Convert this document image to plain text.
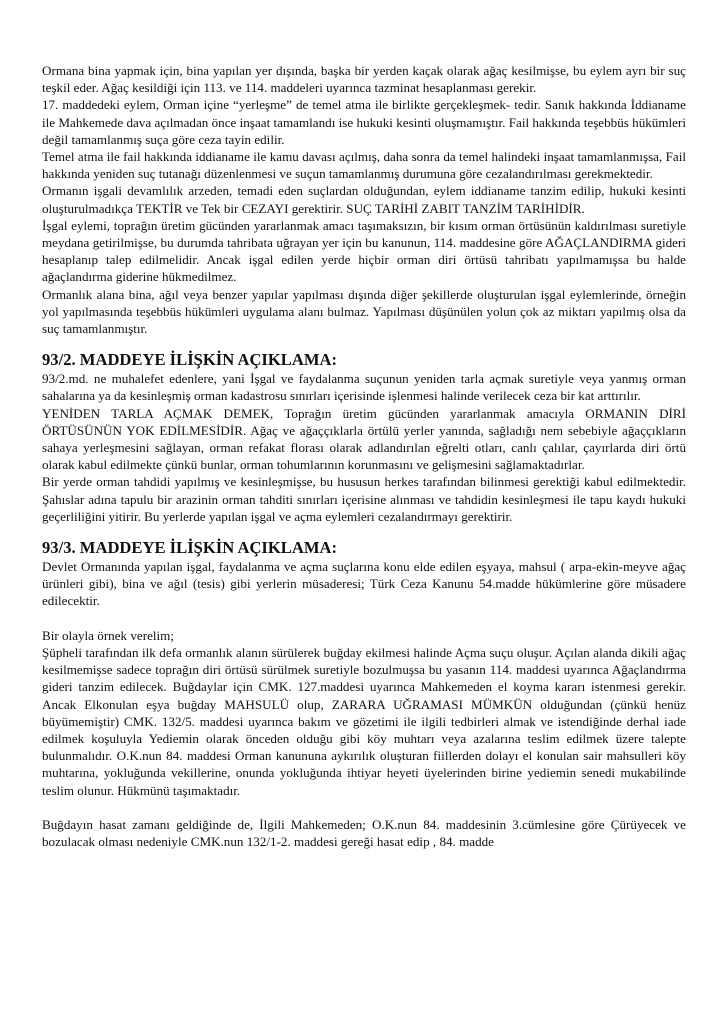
Ormana bina yapmak için, bina yapılan yer dışında, başka bir yerden kaçak olarak ağaç kesilmişse, bu eylem ayrı bir suç teşkil eder. Ağaç kesildiği için 113. ve 114. maddeleri uyarınca tazminat hesaplanması gerekir.

17. maddedeki eylem, Orman içine “yerleşme” de temel atma ile birlikte gerçekleşmek- tedir. Sanık hakkında İddianame ile Mahkemede dava açılmadan önce inşaat tamamlandı ise hukuki kesinti oluşmamıştır. Fail hakkında teşebbüs hükümleri değil tamamlanmış suça göre ceza tayin edilir.

Temel atma ile fail hakkında iddianame ile kamu davası açılmış, daha sonra da temel halindeki inşaat tamamlanmışsa, Fail hakkında yeniden suç tutanağı düzenlenmesi ve suçun tamamlanmış durumuna göre cezalandırılması gerekmektedir.

Ormanın işgali devamlılık arzeden, temadi eden suçlardan olduğundan, eylem iddianame tanzim edilip, hukuki kesinti oluşturulmadıkça TEKTİR ve Tek bir CEZAYI gerektirir. SUÇ TARİHİ ZABIT TANZİM TARİHİDİR.

İşgal eylemi, toprağın üretim gücünden yararlanmak amacı taşımaksızın, bir kısım orman örtüsünün kaldırılması suretiyle meydana getirilmişse, bu durumda tahribata uğrayan yer için bu kanunun, 114. maddesine göre AĞAÇLANDIRMA gideri hesaplanıp talep edilmelidir. Ancak işgal edilen yerde hiçbir orman diri örtüsü tahribatı yapılmamışsa bu halde ağaçlandırma giderine hükmedilmez.

Ormanlık alana bina, ağıl veya benzer yapılar yapılması dışında diğer şekillerde oluşturulan işgal eylemlerinde, örneğin yol yapılmasında teşebbüs hükümleri uygulama alanı bulmaz. Yapılması düşünülen yolun çok az miktarı yapılmış olsa da suç tamamlanmıştır.

93/2. MADDEYE İLİŞKİN AÇIKLAMA:

93/2.md. ne muhalefet edenlere, yani İşgal ve faydalanma suçunun yeniden tarla açmak suretiyle veya yanmış orman sahalarına ya da kesinleşmiş orman kadastrosu sınırları içerisinde işlenmesi halinde verilecek ceza bir kat arttırılır.

YENİDEN TARLA AÇMAK DEMEK, Toprağın üretim gücünden yararlanmak amacıyla ORMANIN DİRİ ÖRTÜSÜNÜN YOK EDİLMESİDİR. Ağaç ve ağaççıklarla örtülü yerler yanında, sağladığı nem sebebiyle ağaççıkların sahaya yerleşmesini sağlayan, orman refakat florası olarak adlandırılan eğrelti otları, canlı çalılar, çayırlarda diri örtü olarak kabul edilmekte çünkü bunlar, orman tohumlarının korunmasını ve gelişmesini sağlamaktadırlar.

Bir yerde orman tahdidi yapılmış ve kesinleşmişse, bu hususun herkes tarafından bilinmesi gerektiği kabul edilmektedir. Şahıslar adına tapulu bir arazinin orman tahditi sınırları içerisine alınması ve tahdidin kesinleşmesi ile tapu kaydı hukuki geçerliliğini yitirir. Bu yerlerde yapılan işgal ve açma eylemleri cezalandırmayı gerektirir.

93/3. MADDEYE İLİŞKİN AÇIKLAMA:

Devlet Ormanında yapılan işgal, faydalanma ve açma suçlarına konu elde edilen eşyaya, mahsul ( arpa-ekin-meyve ağaç ürünleri gibi), bina ve ağıl (tesis) gibi yerlerin müsaderesi; Türk Ceza Kanunu 54.madde hükümlerine göre müsadere edilecektir.

Bir olayla örnek verelim;

Şüpheli tarafından ilk defa ormanlık alanın sürülerek buğday ekilmesi halinde Açma suçu oluşur. Açılan alanda dikili ağaç kesilmemişse sadece toprağın diri örtüsü sürülmek suretiyle bozulmuşsa bu yasanın 114. maddesi uyarınca Ağaçlandırma gideri tanzim edilecek. Buğdaylar için CMK. 127.maddesi uyarınca Mahkemeden el koyma kararı istenmesi gerekir. Ancak Elkonulan eşya buğday MAHSULÜ olup, ZARARA UĞRAMASI MÜMKÜN olduğundan (çünkü henüz büyümemiştir) CMK. 132/5. maddesi uyarınca bakım ve gözetimi ile ilgili tedbirleri almak ve istendiğinde derhal iade edilmek koşuluyla Yediemin olarak önceden olduğu gibi köy muhtarı veya azalarına teslim edilmek üzere talepte bulunmalıdır. O.K.nun 84. maddesi Orman kanununa aykırılık oluşturan fiillerden dolayı el konulan sair mahsulleri köy muhtarına, yokluğunda vekillerine, onunda yokluğunda ihtiyar heyeti üyelerinden birine yediemin senedi mukabilinde teslim olunur. Hükmünü taşımaktadır.

Buğdayın hasat zamanı geldiğinde de, İlgili Mahkemeden; O.K.nun 84. maddesinin 3.cümlesine göre Çürüyecek ve bozulacak olması nedeniyle CMK.nun 132/1-2. maddesi gereği hasat edip , 84. madde
